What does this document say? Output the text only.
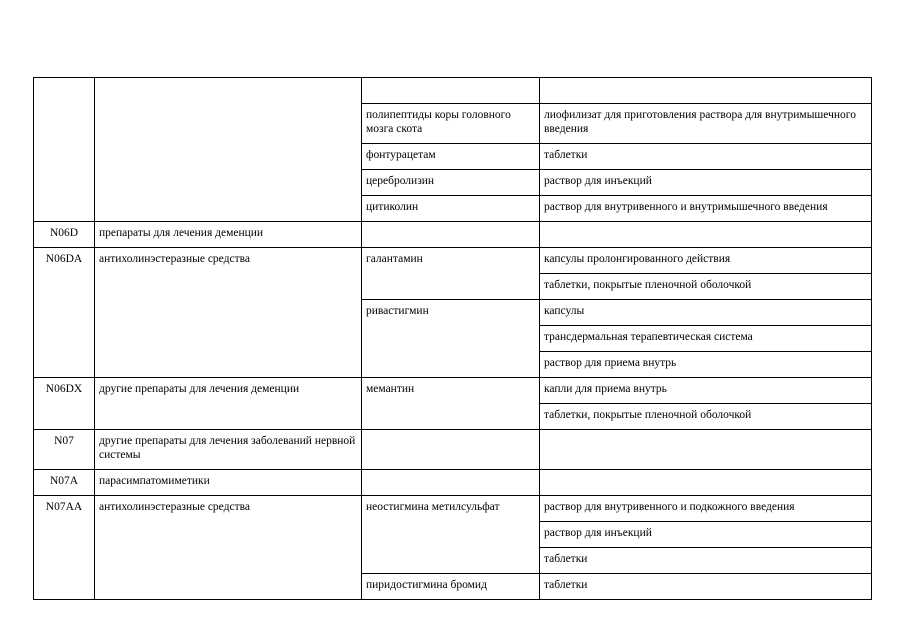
		полипептиды коры головного мозга скота	лиофилизат для приготовления раствора для внутримышечного введения
		фонтурацетам	таблетки
		церебролизин	раствор для инъекций
		цитиколин	раствор для внутривенного и внутримышечного введения
N06D	препараты для лечения деменции		
N06DA	антихолинэстеразные средства	галантамин	капсулы пролонгированного действия
			таблетки, покрытые пленочной оболочкой
		ривастигмин	капсулы
			трансдермальная терапевтическая система
			раствор для приема внутрь
N06DX	другие препараты для лечения деменции	мемантин	капли для приема внутрь
			таблетки, покрытые пленочной оболочкой
N07	другие препараты для лечения заболеваний нервной системы		
N07A	парасимпатомиметики		
N07AA	антихолинэстеразные средства	неостигмина метилсульфат	раствор для внутривенного и подкожного введения
			раствор для инъекций
			таблетки
		пиридостигмина бромид	таблетки
